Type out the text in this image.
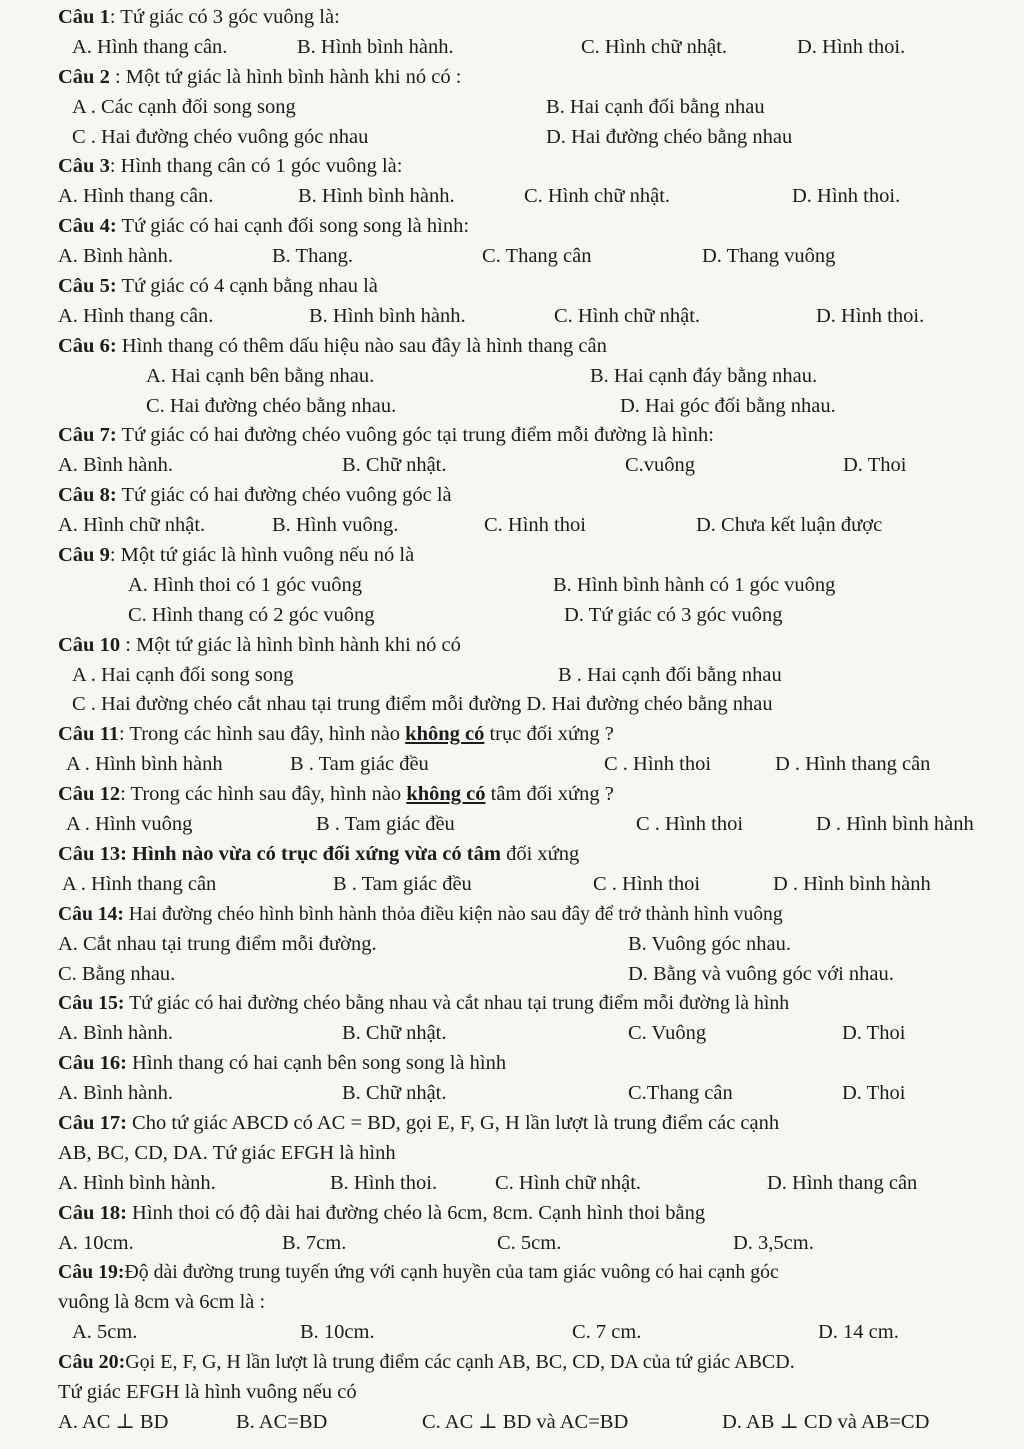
Câu 1: Tứ giác có 3 góc vuông là:
A. Hình thang cân.	B. Hình bình hành.	C. Hình chữ nhật.	D. Hình thoi.
Câu 2 : Một tứ giác là hình bình hành khi nó có :
A . Các cạnh đối song song	B. Hai cạnh đối bằng nhau
C . Hai đường chéo vuông góc nhau	D. Hai đường chéo bằng nhau
Câu 3: Hình thang cân có 1 góc vuông là:
A. Hình thang cân.	B. Hình bình hành.	C. Hình chữ nhật.	D. Hình thoi.
Câu 4: Tứ giác có hai cạnh đối song song là hình:
A. Bình hành.	B. Thang.	C. Thang cân	D. Thang vuông
Câu 5: Tứ giác có 4 cạnh bằng nhau là
A. Hình thang cân.	B. Hình bình hành.	C. Hình chữ nhật.	D. Hình thoi.
Câu 6: Hình thang có thêm dấu hiệu nào sau đây là hình thang cân
A. Hai cạnh bên bằng nhau.	B. Hai cạnh đáy bằng nhau.
C. Hai đường chéo bằng nhau.	D. Hai góc đối bằng nhau.
Câu 7: Tứ giác có hai đường chéo vuông góc tại trung điểm mỗi đường là hình:
A. Bình hành.	B. Chữ nhật.	C.vuông	D. Thoi
Câu 8: Tứ giác có hai đường chéo vuông góc là
A. Hình chữ nhật.	B. Hình vuông.	C. Hình thoi	D. Chưa kết luận được
Câu 9: Một tứ giác là hình vuông nếu nó là
A. Hình thoi có 1 góc vuông	B. Hình bình hành có 1 góc vuông
C. Hình thang có 2 góc vuông	D. Tứ giác có 3 góc vuông
Câu 10 : Một tứ giác là hình bình hành khi nó có
A . Hai cạnh đối song song	B . Hai cạnh đối bằng nhau
C . Hai đường chéo cắt nhau tại trung điểm mỗi đường D. Hai đường chéo bằng nhau
Câu 11: Trong các hình sau đây, hình nào không có trục đối xứng ?
A . Hình bình hành	B . Tam giác đều	C . Hình thoi	D . Hình thang cân
Câu 12: Trong các hình sau đây, hình nào không có tâm đối xứng ?
A . Hình vuông	B . Tam giác đều	C . Hình thoi	D . Hình bình hành
Câu 13: Hình nào vừa có trục đối xứng vừa có tâm đối xứng
A . Hình thang cân	B . Tam giác đều	C . Hình thoi	D . Hình bình hành
Câu 14: Hai đường chéo hình bình hành thỏa điều kiện nào sau đây để trở thành hình vuông
A. Cắt nhau tại trung điểm mỗi đường.	B. Vuông góc nhau.
C. Bằng nhau.	D. Bằng và vuông góc với nhau.
Câu 15: Tứ giác có hai đường chéo bằng nhau và cắt nhau tại trung điểm mỗi đường là hình
A. Bình hành.	B. Chữ nhật.	C. Vuông	D. Thoi
Câu 16: Hình thang có hai cạnh bên song song là hình
A. Bình hành.	B. Chữ nhật.	C.Thang cân	D. Thoi
Câu 17: Cho tứ giác ABCD có AC = BD, gọi E, F, G, H lần lượt là trung điểm các cạnh
AB, BC, CD, DA. Tứ giác EFGH là hình
A. Hình bình hành.	B. Hình thoi.	C. Hình chữ nhật.	D. Hình thang cân
Câu 18: Hình thoi có độ dài hai đường chéo là 6cm, 8cm. Cạnh hình thoi bằng
A. 10cm.	B. 7cm.	C. 5cm.	D. 3,5cm.
Câu 19:Độ dài đường trung tuyến ứng với cạnh huyền của tam giác vuông có hai cạnh góc
vuông là 8cm và 6cm là :
A. 5cm.	B. 10cm.	C. 7 cm.	D. 14 cm.
Câu 20:Gọi E, F, G, H lần lượt là trung điểm các cạnh AB, BC, CD, DA của tứ giác ABCD.
Tứ giác EFGH là hình vuông nếu có
A. AC ⊥ BD	B. AC=BD	C. AC ⊥ BD và AC=BD	D. AB ⊥ CD và AB=CD
